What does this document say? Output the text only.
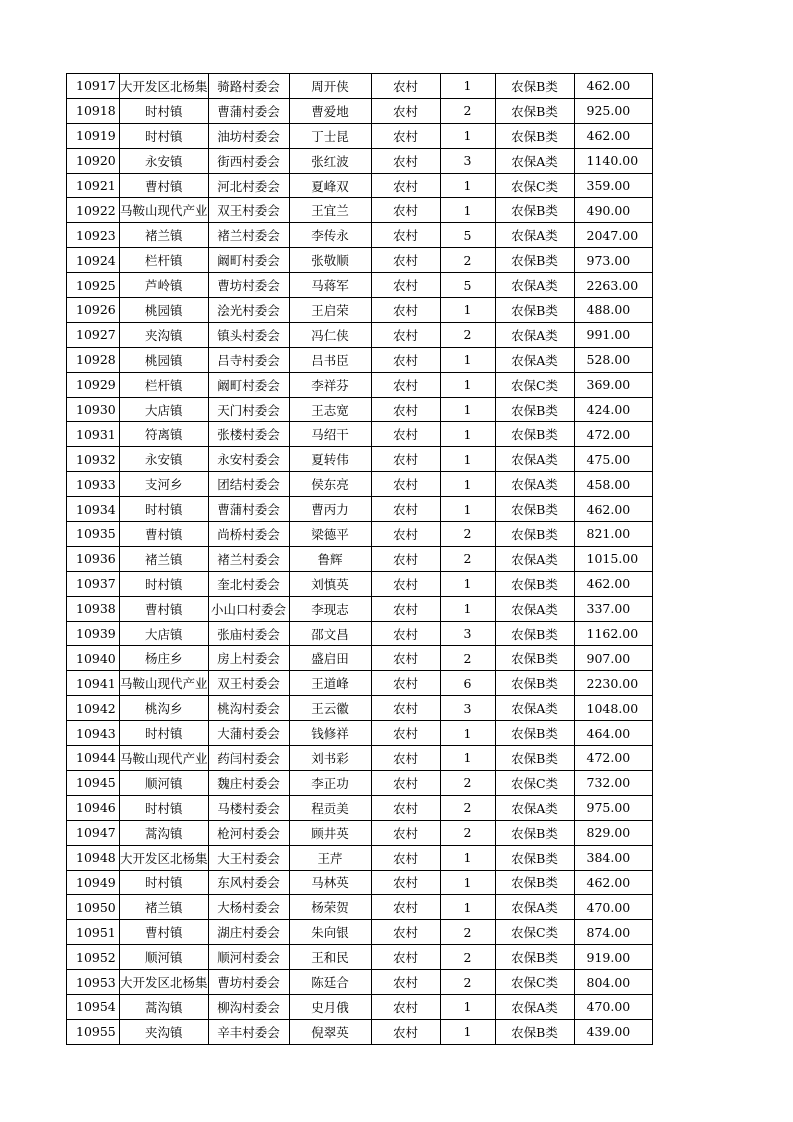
10917	大开发区北杨集	骑路村委会	周开侠	农村	1	农保B类	462.00
10918	时村镇	曹蒲村委会	曹爱地	农村	2	农保B类	925.00
10919	时村镇	油坊村委会	丁士昆	农村	1	农保B类	462.00
10920	永安镇	街西村委会	张红波	农村	3	农保A类	1140.00
10921	曹村镇	河北村委会	夏峰双	农村	1	农保C类	359.00
10922	马鞍山现代产业	双王村委会	王宜兰	农村	1	农保B类	490.00
10923	褚兰镇	褚兰村委会	李传永	农村	5	农保A类	2047.00
10924	栏杆镇	阚町村委会	张敬顺	农村	2	农保B类	973.00
10925	芦岭镇	曹坊村委会	马蒋军	农村	5	农保A类	2263.00
10926	桃园镇	浍光村委会	王启荣	农村	1	农保B类	488.00
10927	夹沟镇	镇头村委会	冯仁侠	农村	2	农保A类	991.00
10928	桃园镇	吕寺村委会	吕书臣	农村	1	农保A类	528.00
10929	栏杆镇	阚町村委会	李祥芬	农村	1	农保C类	369.00
10930	大店镇	天门村委会	王志宽	农村	1	农保B类	424.00
10931	符离镇	张楼村委会	马绍干	农村	1	农保B类	472.00
10932	永安镇	永安村委会	夏转伟	农村	1	农保A类	475.00
10933	支河乡	团结村委会	侯东亮	农村	1	农保A类	458.00
10934	时村镇	曹蒲村委会	曹丙力	农村	1	农保B类	462.00
10935	曹村镇	尚桥村委会	梁德平	农村	2	农保B类	821.00
10936	褚兰镇	褚兰村委会	鲁辉	农村	2	农保A类	1015.00
10937	时村镇	奎北村委会	刘慎英	农村	1	农保B类	462.00
10938	曹村镇	小山口村委会	李现志	农村	1	农保A类	337.00
10939	大店镇	张庙村委会	邵文昌	农村	3	农保B类	1162.00
10940	杨庄乡	房上村委会	盛启田	农村	2	农保B类	907.00
10941	马鞍山现代产业	双王村委会	王道峰	农村	6	农保B类	2230.00
10942	桃沟乡	桃沟村委会	王云徽	农村	3	农保A类	1048.00
10943	时村镇	大蒲村委会	钱修祥	农村	1	农保B类	464.00
10944	马鞍山现代产业	药闫村委会	刘书彩	农村	1	农保B类	472.00
10945	顺河镇	魏庄村委会	李正功	农村	2	农保C类	732.00
10946	时村镇	马楼村委会	程贡美	农村	2	农保A类	975.00
10947	蒿沟镇	枪河村委会	顾井英	农村	2	农保B类	829.00
10948	大开发区北杨集	大王村委会	王芹	农村	1	农保B类	384.00
10949	时村镇	东风村委会	马林英	农村	1	农保B类	462.00
10950	褚兰镇	大杨村委会	杨荣贺	农村	1	农保A类	470.00
10951	曹村镇	湖庄村委会	朱向银	农村	2	农保C类	874.00
10952	顺河镇	顺河村委会	王和民	农村	2	农保B类	919.00
10953	大开发区北杨集	曹坊村委会	陈廷合	农村	2	农保C类	804.00
10954	蒿沟镇	柳沟村委会	史月俄	农村	1	农保A类	470.00
10955	夹沟镇	辛丰村委会	倪翠英	农村	1	农保B类	439.00
